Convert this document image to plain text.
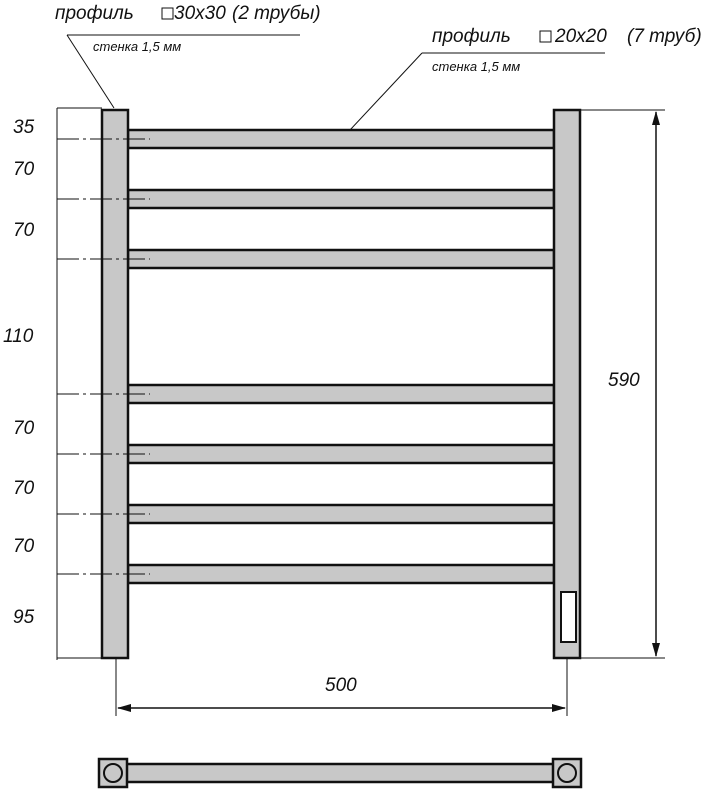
профиль 30x30 (2 трубы)
стенка 1,5 мм	профиль 20x20 (7 труб)
стенка 1,5 мм
35
70
70
110
70
70
70
95
590
500
